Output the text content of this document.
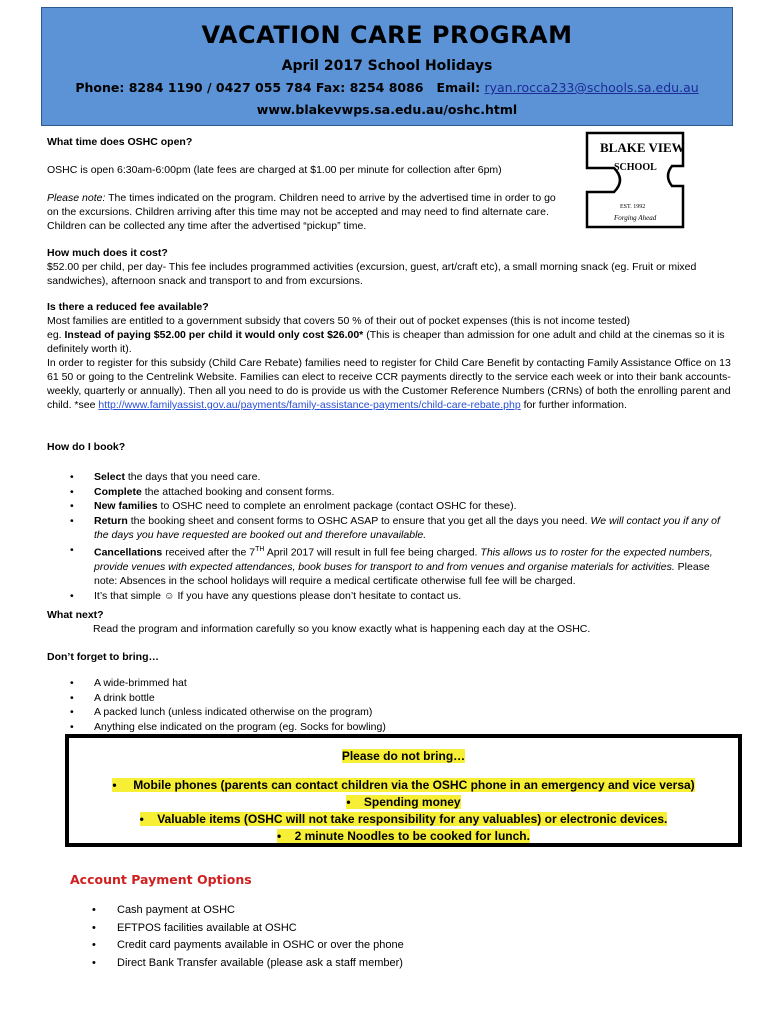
VACATION CARE PROGRAM
April 2017 School Holidays
Phone: 8284 1190 / 0427 055 784 Fax: 8254 8086   Email: ryan.rocca233@schools.sa.edu.au
www.blakevwps.sa.edu.au/oshc.html
BLAKE VIEW
SCHOOL
EST. 1992
Forging Ahead
What time does OSHC open?
OSHC is open 6:30am-6:00pm (late fees are charged at $1.00 per minute for collection after 6pm)
Please note: The times indicated on the program. Children need to arrive by the advertised time in order to go on the excursions. Children arriving after this time may not be accepted and may need to find alternate care. Children can be collected any time after the advertised “pickup” time.
How much does it cost?
$52.00 per child, per day- This fee includes programmed activities (excursion, guest, art/craft etc), a small morning snack (eg. Fruit or mixed sandwiches), afternoon snack and transport to and from excursions.
Is there a reduced fee available?
Most families are entitled to a government subsidy that covers 50 % of their out of pocket expenses (this is not income tested)
eg. Instead of paying $52.00 per child it would only cost $26.00* (This is cheaper than admission for one adult and child at the cinemas so it is definitely worth it).
In order to register for this subsidy (Child Care Rebate) families need to register for Child Care Benefit by contacting Family Assistance Office on 13 61 50 or going to the Centrelink Website. Families can elect to receive CCR payments directly to the service each week or into their bank accounts-weekly, quarterly or annually). Then all you need to do is provide us with the Customer Reference Numbers (CRNs) of both the enrolling parent and child. *see http://www.familyassist.gov.au/payments/family-assistance-payments/child-care-rebate.php for further information.
How do I book?
• Select the days that you need care.
• Complete the attached booking and consent forms.
• New families to OSHC need to complete an enrolment package (contact OSHC for these).
• Return the booking sheet and consent forms to OSHC ASAP to ensure that you get all the days you need. We will contact you if any of the days you have requested are booked out and therefore unavailable.
• Cancellations received after the 7TH April 2017 will result in full fee being charged. This allows us to roster for the expected numbers, provide venues with expected attendances, book buses for transport to and from venues and organise materials for activities. Please note: Absences in the school holidays will require a medical certificate otherwise full fee will be charged.
• It’s that simple ☺ If you have any questions please don’t hesitate to contact us.
What next?
Read the program and information carefully so you know exactly what is happening each day at the OSHC.
Don’t forget to bring…
• A wide-brimmed hat
• A drink bottle
• A packed lunch (unless indicated otherwise on the program)
• Anything else indicated on the program (eg. Socks for bowling)
Please do not bring…
•     Mobile phones (parents can contact children via the OSHC phone in an emergency and vice versa)
•    Spending money
•    Valuable items (OSHC will not take responsibility for any valuables) or electronic devices.
•    2 minute Noodles to be cooked for lunch.
Account Payment Options
• Cash payment at OSHC
• EFTPOS facilities available at OSHC
• Credit card payments available in OSHC or over the phone
• Direct Bank Transfer available (please ask a staff member)
